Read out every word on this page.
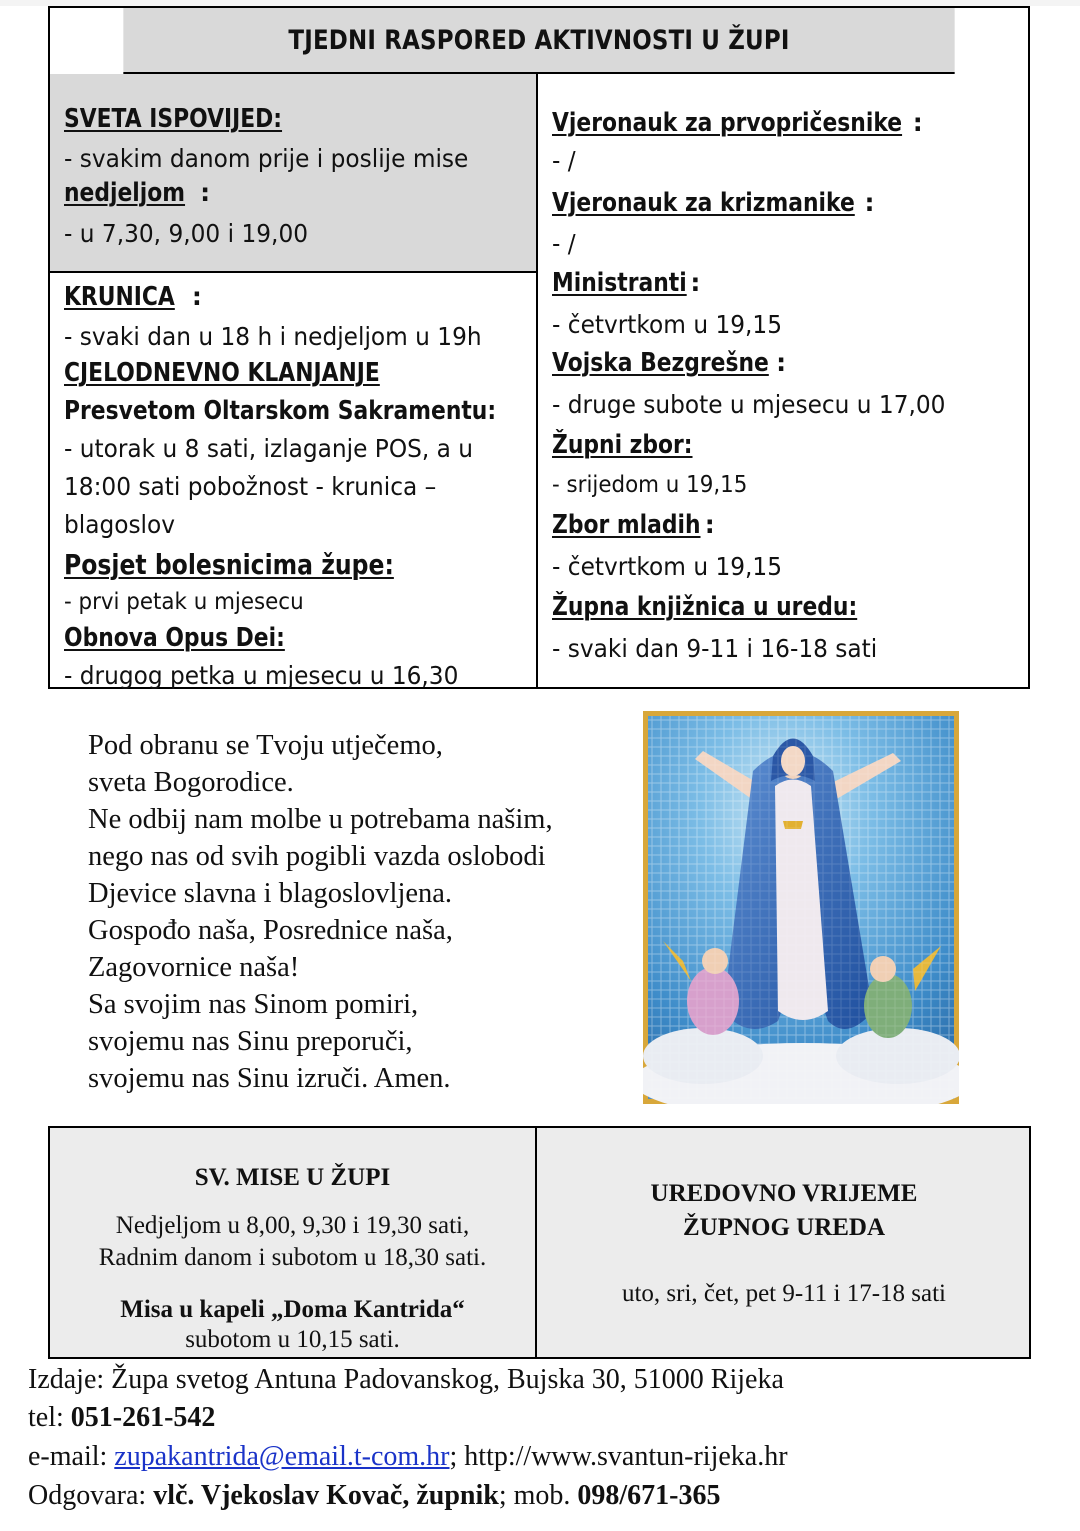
TJEDNI RASPORED AKTIVNOSTI U ŽUPI
SVETA ISPOVIJED:
- svakim danom prije i poslije mise
nedjeljom :
- u 7,30, 9,00 i 19,00
KRUNICA :
- svaki dan u 18 h i nedjeljom u 19h
CJELODNEVNO KLANJANJE
Presvetom Oltarskom Sakramentu:
- utorak u 8 sati, izlaganje POS, a u
18:00 sati pobožnost - krunica –
blagoslov
Posjet bolesnicima župe:
- prvi petak u mjesecu
Obnova Opus Dei:
- drugog petka u mjesecu u 16,30
Vjeronauk za prvopričesnike :
- /
Vjeronauk za krizmanike :
- /
Ministranti :
- četvrtkom u 19,15
Vojska Bezgrešne :
- druge subote u mjesecu u 17,00
Župni zbor:
- srijedom u 19,15
Zbor mladih :
- četvrtkom u 19,15
Župna knjižnica u uredu:
- svaki dan 9-11 i 16-18 sati
Pod obranu se Tvoju utječemo,
sveta Bogorodice.
Ne odbij nam molbe u potrebama našim,
nego nas od svih pogibli vazda oslobodi
Djevice slavna i blagoslovljena.
Gospođo naša, Posrednice naša,
Zagovornice naša!
Sa svojim nas Sinom pomiri,
svojemu nas Sinu preporuči,
svojemu nas Sinu izruči. Amen.
SV. MISE U ŽUPI
Nedjeljom u 8,00, 9,30 i 19,30 sati,
Radnim danom i subotom u 18,30 sati.
Misa u kapeli „Doma Kantrida“
subotom u 10,15 sati.
UREDOVNO VRIJEME
ŽUPNOG UREDA
uto, sri, čet, pet 9-11 i 17-18 sati
Izdaje: Župa svetog Antuna Padovanskog, Bujska 30, 51000 Rijeka
tel: 051-261-542
e-mail: zupakantrida@email.t-com.hr; http://www.svantun-rijeka.hr
Odgovara: vlč. Vjekoslav Kovač, župnik; mob. 098/671-365
